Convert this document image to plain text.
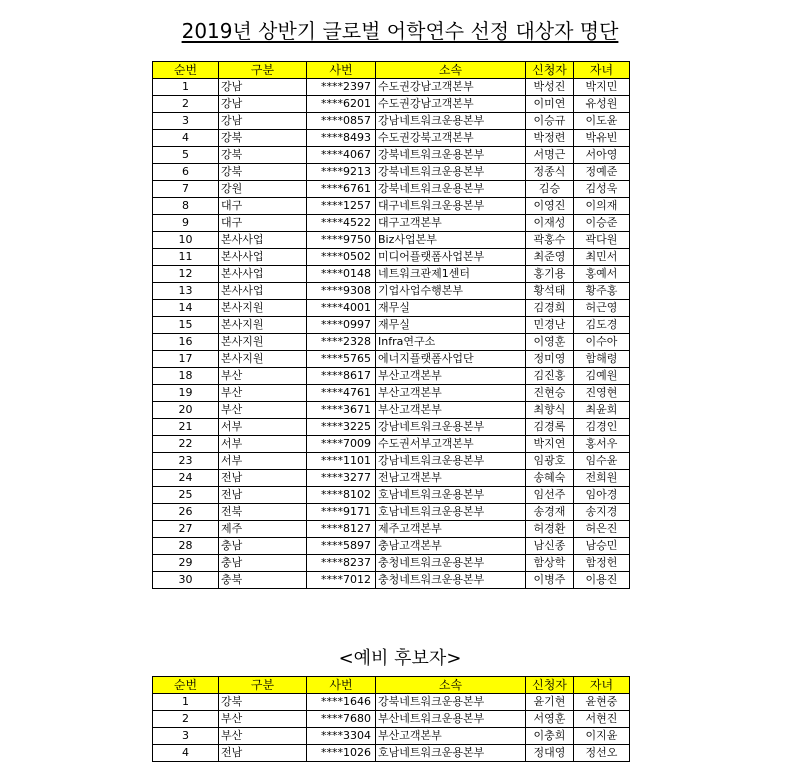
2019년 상반기 글로벌 어학연수 선정 대상자 명단
순번	구분	사번	소속	신청자	자녀
1	강남	****2397	수도권강남고객본부	박성진	박지민
2	강남	****6201	수도권강남고객본부	이미연	유성원
3	강남	****0857	강남네트워크운용본부	이승규	이도윤
4	강북	****8493	수도권강북고객본부	박정련	박유빈
5	강북	****4067	강북네트워크운용본부	서명근	서아영
6	강북	****9213	강북네트워크운용본부	정종식	정예준
7	강원	****6761	강북네트워크운용본부	김승	김성욱
8	대구	****1257	대구네트워크운용본부	이영진	이의재
9	대구	****4522	대구고객본부	이재성	이승준
10	본사사업	****9750	Biz사업본부	곽홍수	곽다원
11	본사사업	****0502	미디어플랫폼사업본부	최준영	최민서
12	본사사업	****0148	네트워크관제1센터	홍기용	홍예서
13	본사사업	****9308	기업사업수행본부	황석태	황주홍
14	본사지원	****4001	재무실	김경희	허근영
15	본사지원	****0997	재무실	민경난	김도경
16	본사지원	****2328	Infra연구소	이영훈	이수아
17	본사지원	****5765	에너지플랫폼사업단	정미영	함해령
18	부산	****8617	부산고객본부	김진홍	김예원
19	부산	****4761	부산고객본부	진현승	진영현
20	부산	****3671	부산고객본부	최향식	최윤희
21	서부	****3225	강남네트워크운용본부	김경록	김경인
22	서부	****7009	수도권서부고객본부	박지연	홍서우
23	서부	****1101	강남네트워크운용본부	임광호	임수윤
24	전남	****3277	전남고객본부	송혜숙	전희원
25	전남	****8102	호남네트워크운용본부	임선주	임아경
26	전북	****9171	호남네트워크운용본부	송경재	송지경
27	제주	****8127	제주고객본부	허경환	허은진
28	충남	****5897	충남고객본부	남신종	남승민
29	충남	****8237	충청네트워크운용본부	함상학	함정헌
30	충북	****7012	충청네트워크운용본부	이병주	이용진
<예비 후보자>
순번	구분	사번	소속	신청자	자녀
1	강북	****1646	강북네트워크운용본부	윤기현	윤현중
2	부산	****7680	부산네트워크운용본부	서영훈	서현진
3	부산	****3304	부산고객본부	이충희	이지윤
4	전남	****1026	호남네트워크운용본부	정대영	정선오
